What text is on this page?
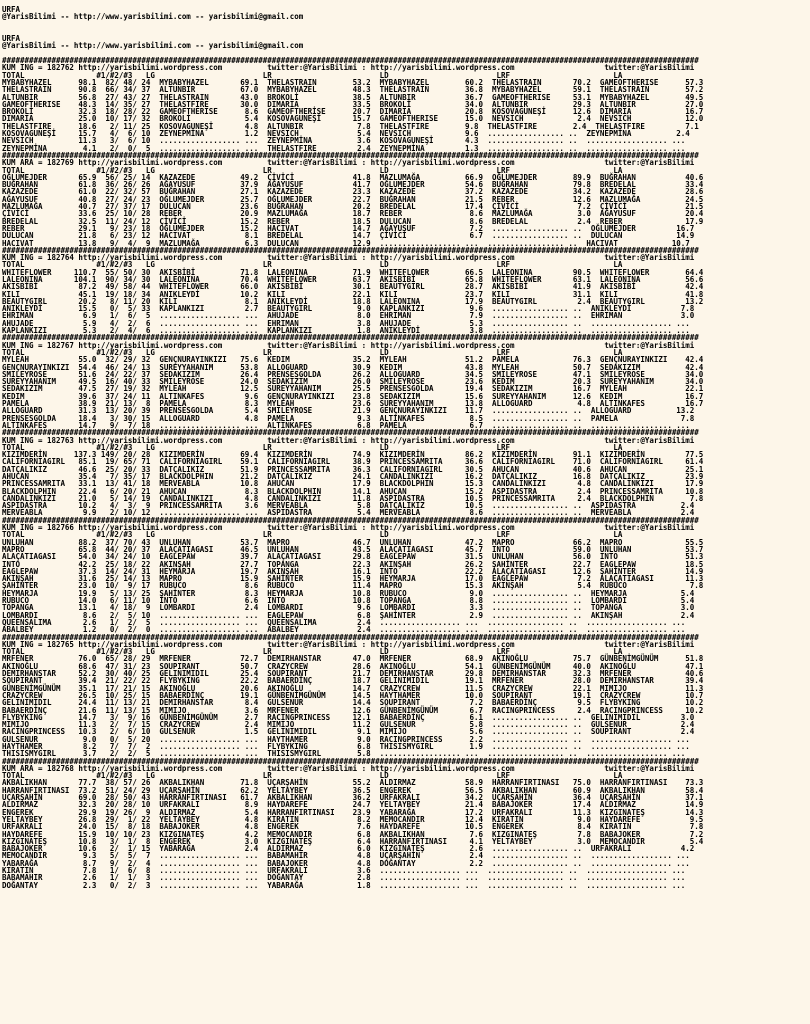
URFA
@YarisBilimi -- http://www.yarisbilimi.com -- yarisbilimi@gmail.com

URFA
@YarisBilimi -- http://www.yarisbilimi.com -- yarisbilimi@gmail.com

###########################################################################################################################################################
KUM ING = 182762 http://yarisbilimi.wordpress.com          twitter:@YarisBilimi : http://yarisbilimi.wordpress.com                    twitter:@YarisBilimi
TOTAL                #1/#2/#3   LG                        LR                        LD                        LRF                       LA
MYBABYHAZEL      98.1  82/ 48/ 24  MYBABYHAZEL       69.1  THELASTRAIN        53.2  MYBABYHAZEL        60.2  THELASTRAIN       70.2  GAMEOFTHERISE      57.3
THELASTRAIN      90.8  66/ 34/ 37  ALTUNBIR          67.0  MYBABYHAZEL        48.3  THELASTRAIN        36.8  MYBABYHAZEL       59.1  THELASTRAIN        57.2
ALTUNBIR         56.8  27/ 43/ 27  THELASTRAIN       43.0  BROKOLİ            38.5  ALTUNBIR           36.7  GAMEOFTHERISE     53.1  MYBABYHAZEL        49.5
GAMEOFTHERISE    48.3  14/ 35/ 27  THELASTFIRE       30.0  DIMARIA            33.5  BROKOLİ            34.0  ALTUNBIR          29.3  ALTUNBIR           27.0
BROKOLİ          32.3  18/ 28/ 22  GAMEOFTHERISE      8.6  GAMEOFTHERİSE      20.7  DIMARIA            20.8  KOSOVAGUNEŞİ      12.6  DIMARIA            16.7
DIMARIA          25.0  10/ 17/ 32  BROKOLİ            5.4  KOSOVAGUNEŞİ       15.7  GAMEOFTHERISE      15.0  NEVSICH            2.4  NEVSICH            12.0
THELASTFIRE      18.6   2/ 11/ 25  KOSOVAGUNEŞİ       4.8  ALTUNBIR            7.8  THELASTFIRE        9.8  THELASTFIRE        2.4  THELASTFIRE         7.1
KOSOVAGUNEŞİ     15.7   4/  6/ 10  ZEYNEPMİNA         1.2  NEVSICH             5.4  NEVSICH            9.6  ................. ..  ZEYNEPMİNA          2.4
NEVSICH          11.3   3/  6/ 10  .................. ...  ZEYNEPMİNA          3.6  KOSOVAGUNEŞİ       4.3  ................. ..  .................. ...
ZEYNEPMİNA        4.1   2/  0/  5  .................. ...  THELASTFIRE         2.4  ZEYNEPMİNA         1.3  ................. ..  .................. ...
###########################################################################################################################################################
KUM ARA = 182769 http://yarisbilimi.wordpress.com          twitter:@YarisBilimi : http://yarisbilimi.wordpress.com                    twitter:@YarisBilimi
TOTAL                #1/#2/#3   LG                        LR                        LD                        LRF                       LA
OĞLUMEJDER       65.9  56/ 25/ 14  KAZAZEDE          49.2  ÇİVİCİ             41.8  MAZLUMAĞA          66.9  OĞLUMEJDER        89.9  BUĞRAHAN           40.6
BUĞRAHAN         61.8  36/ 26/ 26  AĞAYUSUF          37.9  AĞAYUSUF           41.7  OĞLUMEJDER         54.6  BUĞRAHAN          79.8  BREDELAL           33.4
KAZAZEDE         61.0  22/ 32/ 57  BUĞRAHAN          27.1  KAZAZEDE           23.3  KAZAZEDE           37.2  KAZAZEDE          34.2  KAZAZEDE           28.6
AĞAYUSUF         40.8  27/ 24/ 23  OĞLUMEJDER        25.7  OĞLUMEJDER         22.7  BUĞRAHAN           21.5  REBER             12.6  MAZLUMAĞA          24.5
MAZLUMAĞA        40.7  27/ 37/ 17  DULUCAN           23.6  BUĞRAHAN           20.2  BREDELAL           17.4  ÇİVİCİ             7.2  ÇİVİCİ             21.5
ÇİVİCİ           33.6  25/ 10/ 28  REBER             20.9  MAZLUMAĞA          18.7  REBER               8.6  MAZLUMAĞA          3.0  AĞAYUSUF           20.4
BREDELAL         32.5  11/ 24/ 12  ÇİVİCİ            15.2  REBER              18.5  DULUCAN             8.6  BREDELAL           2.4  REBER              17.9
REBER            29.1   9/ 23/ 18  OĞLUMEJDER        15.2  HACIVAT            14.7  AĞAYUSUF            7.2  ................. ..  OĞLUMEJDER         16.7
DULUCAN          21.8   6/ 23/ 12  HACIVAT            8.1  BREDELAL           14.7  ÇİVİCİ              6.7  ................. ..  DULUCAN            14.9
HACIVAT          13.8   9/  4/  9  MAZLUMAĞA          6.3  DULUCAN            12.9  .................. ...  ................. ..  HACIVAT            10.7
###########################################################################################################################################################
KUM ING = 182764 http://yarisbilimi.wordpress.com          twitter:@YarisBilimi : http://yarisbilimi.wordpress.com                    twitter:@YarisBilimi
TOTAL                #1/#2/#3   LG                        LR                        LD                        LRF                       LA
WHITEFLOWER     110.7  55/ 50/ 30  AKISBİBİ          71.8  LALEONINA          71.9  WHITEFLOWER        66.5  LALEONINA         90.5  WHITEFLOWER        64.4
LALEONINA       104.1  90/ 34/ 30  LALEONINA         70.4  WHITEFLOWER        63.7  AKISBİBİ           65.8  WHITEFLOWER       63.1  LALEONINA          56.6
AKISBİBİ         87.2  49/ 58/ 44  WHITEFLOWER       66.0  AKISBİBİ           30.1  BEAUTYGIRL         28.7  AKISBİBİ          41.9  AKISBİBİ           42.4
KILI             45.1  19/ 18/ 34  ANIKLEYDİ         10.2  KILI               22.1  KILI               23.7  KILI              31.1  KILI               41.8
BEAUTYGIRL       20.2   8/ 11/ 20  KILI               8.1  ANIKLEYDİ          18.8  LALEONINA          17.9  BEAUTYGIRL         2.4  BEAUTYGIRL         13.2
ANIKLEYDİ        15.5   0/  5/ 33  KAPLANKIZI         2.7  BEAUTYGIRL          9.0  KAPLANKIZI          9.6  ................. ..  ANIKLEYDİ           7.8
EHRIMAN           6.9   1/  6/  5  .................. ...  AHUJADE             8.0  EHRIMAN             7.9  ................. ..  EHRIMAN             3.0
AHUJADE           5.9   4/  2/  6  .................. ...  EHRIMAN             3.8  AHUJADE             5.3  ................. ..  .................. ...
KAPLANKIZI        5.3   2/  4/  6  .................. ...  KAPLANKIZI          1.8  ANIKLEYDİ           3.8  ................. ..  .................. ...
###########################################################################################################################################################
KUM ING = 182767 http://yarisbilimi.wordpress.com          twitter:@YarisBilimi : http://yarisbilimi.wordpress.com                    twitter:@YarisBilimi
TOTAL                #1/#2/#3   LG                        LR                        LD                        LRF                       LA
MYLEAH           55.0  32/ 29/ 32  GENÇNURAYINKIZI   75.6  KEDIM              35.2  MYLEAH             51.2  PAMELA            76.3  GENÇNURAYINKIZI    42.4
GENÇNURAYINKIZI  54.4  46/ 24/ 13  SUREYYAHANIM      53.8  ALLOGUARD          30.9  KEDIM              43.8  MYLEAH            50.7  SEDAKIZIM          42.4
SMILEYROSE       51.6  24/ 22/ 37  SEDAKIZIM         26.4  PRENSESGOLDA       26.2  ALLOGUARD          34.5  SMILEYROSE        47.1  SMILEYROSE         34.0
SUREYYAHANIM     49.5  16/ 40/ 33  SMILEYROSE        24.0  SEDAKIZIM          26.0  SMILEYROSE         23.6  KEDIM             20.3  SUREYYAHANIM       34.0
SEDAKIZIM        47.5  27/ 19/ 32  MYLEAH            12.5  SUREYYAHANIM       25.5  PRENSESGOLDA       19.4  SEDAKIZIM         16.7  MYLEAH             22.1
KEDIM            39.6  37/ 24/ 11  ALTINKAFES         9.6  GENÇNURAYINKIZI    23.8  SEDAKIZIM          15.6  SUREYYAHANIM      12.6  KEDIM              16.7
PAMELA           38.9  21/ 13/  8  PAMELA             8.3  MYLEAH             23.6  SUREYYAHANIM       13.8  ALLOGUARD          4.8  ALTINKAFES         16.7
ALLOGUARD        31.3  13/ 20/ 39  PRENSESGOLDA       5.4  SMILEYROSE         21.9  GENÇNURAYINKIZI    11.7  ................. ..  ALLOGUARD          13.2
PRENSESGOLDA     18.4   3/ 30/ 15  ALLOGUARD          4.8  PAMELA              9.3  ALTINKAFES          8.5  ................. ..  PAMELA              7.8
ALTINKAFES       14.7   9/  7/ 18  .................. ...  ALTINKAFES          6.8  PAMELA              6.7  ................. ..  .................. ...
###########################################################################################################################################################
KUM ING = 182763 http://yarisbilimi.wordpress.com          twitter:@YarisBilimi : http://yarisbilimi.wordpress.com                    twitter:@YarisBilimi
TOTAL                #1/#2/#3   LG                        LR                        LD                        LRF                       LA
KIZIMDERİN      137.3 149/ 20/ 28  KIZIMDERİN        69.4  KIZIMDERİN         74.9  KIZIMDERİN         86.2  KIZIMDERİN        91.1  KIZIMDERİN         77.5
CALIFORNIAGIRL   85.1  19/ 65/ 71  CALIFORNIAGIRL    59.1  CALIFORNIAGIRL     38.9  PRINCESSAMRITA     36.6  CALIFORNIAGIRL    71.0  CALIFORNIAGIRL     61.4
DATÇALIKIZ       46.6  25/ 20/ 33  DATÇALIKIZ        51.9  PRINCESSAMRITA     36.3  CALIFORNIAGIRL     30.5  AHUCAN            40.6  AHUCAN             25.1
AHUCAN           35.4   7/ 35/ 17  BLACKDOLPHIN      21.2  DATÇALIKIZ         24.1  CANDALINKIZI       16.2  DATÇALIKIZ        16.8  DATÇALIKIZ         23.9
PRINCESSAMRITA   33.1  13/ 41/ 18  MERVEABLA         10.8  AHUCAN             17.9  BLACKDOLPHIN       15.3  CANDALINKIZI       4.8  CANDALINKIZI       17.9
BLACKDOLPHIN     22.4   6/ 20/ 21  AHUCAN             8.3  BLACKDOLPHIN       14.1  AHUCAN             15.2  ASPIDASTRA         2.4  PRINCESSAMRITA     10.8
CANDALINKIZI     21.0   5/ 14/ 19  CANDALINKIZI       4.8  CANDALINKIZI       11.8  ASPIDASTRA         10.5  PRINCESSAMRITA     2.4  BLACKDOLPHIN        7.8
ASPIDASTRA       10.2   4/  3/  9  PRINCESSAMRITA     3.6  MERVEABLA           5.8  DATÇALIKIZ         10.5  ................. ..  ASPIDASTRA          2.4
MERVEABLA         9.9   2/ 10/ 12  .................. ...  ASPIDASTRA          5.4  MERVEABLA           8.6  ................. ..  MERVEABLA           2.4
###########################################################################################################################################################
KUM ING = 182766 http://yarisbilimi.wordpress.com          twitter:@YarisBilimi : http://yarisbilimi.wordpress.com                    twitter:@YarisBilimi
TOTAL                #1/#2/#3   LG                        LR                        LD                        LRF                       LA
UNLUHAN          88.2  37/ 70/ 43  UNLUHAN           53.7  MAPRO              46.7  UNLUHAN            47.2  MAPRO             66.2  MAPRO              55.5
MAPRO            65.8  44/ 20/ 37  ALAÇATIAGASI      46.5  UNLUHAN            43.5  ALAÇATIAGASI       45.7  INTO              59.0  UNLUHAN            53.7
ALAÇATIAGASI     54.0  34/ 24/ 10  EAGLEPAW          39.7  ALAÇATIAGASI       29.8  EAGLEPAW           31.5  UNLUHAN           56.0  INTO               51.3
INTO             42.2  25/ 18/ 22  AKINŞAH           27.7  TOPANGA            22.3  AKINŞAH            26.2  ŞAHİNTER          22.7  EAGLEPAW           18.5
EAGLEPAW         37.3  14/ 24/ 31  HEYMARJA          19.7  AKINŞAH            16.1  INTO               22.2  ALAÇATIAGASI      12.6  ŞAHİNTER           14.9
AKINŞAH          31.6  25/ 14/ 13  MAPRO             15.9  ŞAHİNTER           15.9  HEYMARJA           17.0  EAGLEPAW           7.2  ALAÇATIAGASI       11.3
ŞAHİNTER         23.0  10/  9/ 17  RUBUCO             8.6  RUBUCO             11.4  MAPRO              15.3  AKINŞAH            5.4  RUBUCO              7.8
HEYMARJA         19.9   5/ 13/ 25  ŞAHİNTER           8.3  HEYMARJA           10.8  RUBUCO              9.0  ................. ..  HEYMARJA            5.4
RUBUCO           14.0   6/ 11/ 10  INTO               6.6  INTO               10.8  TOPANGA             8.8  ................. ..  LOMBARDI            5.4
TOPANGA          13.1   4/ 18/  9  LOMBARDI           2.4  LOMBARDI            9.6  LOMBARDI            3.3  ................. ..  TOPANGA             3.0
LOMBARDI          8.6   2/  5/ 10  .................. ...  EAGLEPAW            6.8  ŞAHİNTER            2.9  ................. ..  AKINŞAH             2.4
QUEENSALIMA       2.6   1/  2/  5  .................. ...  QUEENSALIMA         2.4  .................. ...  ................. ..  .................. ...
ABALBEY           1.2   0/  2/  0  .................. ...  ABALBEY             2.4  .................. ...  ................. ..  .................. ...
###########################################################################################################################################################
KUM ING = 182765 http://yarisbilimi.wordpress.com          twitter:@YarisBilimi : http://yarisbilimi.wordpress.com                    twitter:@YarisBilimi
TOTAL                #1/#2/#3   LG                        LR                        LD                        LRF                       LA
MRFENER          76.0  65/ 28/ 29  MRFENER           72.7  DEMIRHANSTAR       47.0  MRFENER            68.9  AKINOĞLU          75.7  GÜNBENİMGÜNÜM      51.8
AKINOĞLU         68.6  47/ 31/ 23  SOUPIRANT         50.7  CRAZYCREW          28.6  AKINOĞLU           54.1  GÜNBENİMGÜNÜM     40.0  AKINOĞLU           47.1
DEMIRHANSTAR     52.2  30/ 40/ 25  GELINIMIDIL       25.4  SOUPIRANT          21.7  DEMIRHANSTAR       29.8  DEMIRHANSTAR      32.3  MRFENER            40.6
SOUPIRANT        39.4  21/ 22/ 22  FLYBYKING         22.2  BABAERDİNÇ         18.7  GELINIMIDIL        19.1  MRFENER           28.0  DEMIRHANSTAR       39.4
GÜNBENİMGÜNÜM    35.1  17/ 21/ 15  AKINOĞLU          20.6  AKINOĞLU           14.7  CRAZYCREW          11.5  CRAZYCREW         22.1  MIMIJO             11.3
CRAZYCREW        26.5  10/ 25/ 15  BABAERDİNÇ        19.1  GÜNBENİMGÜNÜM      14.5  HAYTHAMER          10.0  SOUPIRANT         19.1  CRAZYCREW          10.7
GELINIMIDIL      24.4  11/ 13/ 21  DEMIRHANSTAR       8.4  GULSENUR           14.4  SOUPIRANT           7.2  BABAERDİNÇ         9.5  FLYBYKING          10.2
BABAERDİNÇ       21.6  11/ 13/ 15  MIMIJO             3.6  MRFENER            12.6  GÜNBENİMGÜNÜM       6.7  RACINGPRINCESS     2.4  RACINGPRINCESS     10.2
FLYBYKING        14.7   3/  9/ 16  GÜNBENİMGÜNÜM      2.7  RACINGPRINCESS     12.1  BABAERDİNÇ          6.1  ................. ..  GELINIMIDIL         3.0
MIMIJO           11.3   2/  7/ 15  CRAZYCREW          2.4  MIMIJO             11.2  GULSENUR            5.8  ................. ..  GULSENUR            2.4
RACINGPRINCESS   10.3   2/  6/ 10  GULSENUR           1.5  GELINIMIDIL         9.1  MIMIJO              5.6  ................. ..  SOUPIRANT           2.4
GULSENUR          9.0   0/  5/ 20  .................. ...  HAYTHAMER           9.0  RACINGPRINCESS      2.2  ................. ..  .................. ...
HAYTHAMER         8.2   7/  7/  2  .................. ...  FLYBYKING           6.8  THISISMYGIRL        1.9  ................. ..  .................. ...
THISISMYGIRL      3.7   2/  2/  5  .................. ...  THISISMYGIRL        5.8  .................. ...  ................. ..  .................. ...
###########################################################################################################################################################
KUM ARA = 182768 http://yarisbilimi.wordpress.com          twitter:@YarisBilimi : http://yarisbilimi.wordpress.com                    twitter:@YarisBilimi
TOTAL                #1/#2/#3   LG                        LR                        LD                        LRF                       LA
AKBALIKHAN       77.7  38/ 57/ 26  AKBALIKHAN        71.8  UÇARŞAHİN          55.2  ALDIRMAZ           58.9  HARRANFIRTINASI   75.0  HARRANFIRTINASI    73.3
HARRANFIRTINASI  73.2  51/ 24/ 29  UÇARŞAHİN         62.2  YELTAYBEY          36.5  ENGEREK            56.5  AKBALIKHAN        60.9  AKBALIKHAN         58.4
UÇARŞAHİN        69.0  28/ 50/ 43  HARRANFIRTINASI   61.7  AKBALIKHAN         36.2  URFAKRALI          34.2  UÇARŞAHİN         36.4  UÇARŞAHİN          37.1
ALDIRMAZ         32.3  20/ 28/ 10  URFAKRALI          8.9  HAYDAREFE          24.7  YELTAYBEY          21.4  BABAJOKER         17.4  ALDIRMAZ           14.9
ENGEREK          29.9  19/ 26/  9  ALDIRMAZ           5.4  HARRANFIRTINASI    23.9  YABARAĞA           17.2  URFAKRALI         11.3  KIZGINATEŞ         14.3
YELTAYBEY        26.8  29/  1/ 22  YELTAYBEY          4.8  KIRATIN             8.2  MEMOCANDIR         12.4  KIRATIN            9.0  HAYDAREFE           9.5
URFAKRALI        24.0  15/  8/ 18  BABAJOKER          4.8  ENGEREK             7.6  HAYDAREFE          10.5  ENGEREK            8.4  KIRATIN             7.8
HAYDAREFE        15.9  10/ 10/ 23  KIZGINATEŞ         4.2  MEMOCANDIR          6.8  AKBALIKHAN          7.6  KIZGINATEŞ         7.8  BABAJOKER           7.2
KIZGINATEŞ       10.8   3/  1/  8  ENGEREK            3.0  KIZGINATEŞ          6.4  HARRANFIRTINASI     4.1  YELTAYBEY          3.0  MEMOCANDIR          5.4
BABAJOKER        10.6   2/  1/ 15  YABARAĞA           2.4  ALDIRMAZ            6.0  KIZGINATEŞ          2.6  ................. ..  URFAKRALI           4.2
MEMOCANDIR        9.3   5/  5/  7  .................. ...  BABAMAHIR           4.8  UÇARŞAHİN           2.4  ................. ..  .................. ...
YABARAĞA          8.7   9/  2/  4  .................. ...  BABAJOKER           4.8  DOĞANTAY            2.2  ................. ..  .................. ...
KIRATIN           7.8   1/  6/  8  .................. ...  URFAKRALI           3.6  .................. ...  ................. ..  .................. ...
BABAMAHIR         2.6   1/  1/  3  .................. ...  DOĞANTAY            2.8  .................. ...  ................. ..  .................. ...
DOĞANTAY          2.3   0/  2/  3  .................. ...  YABARAĞA            1.8  .................. ...  ................. ..  .................. ...
